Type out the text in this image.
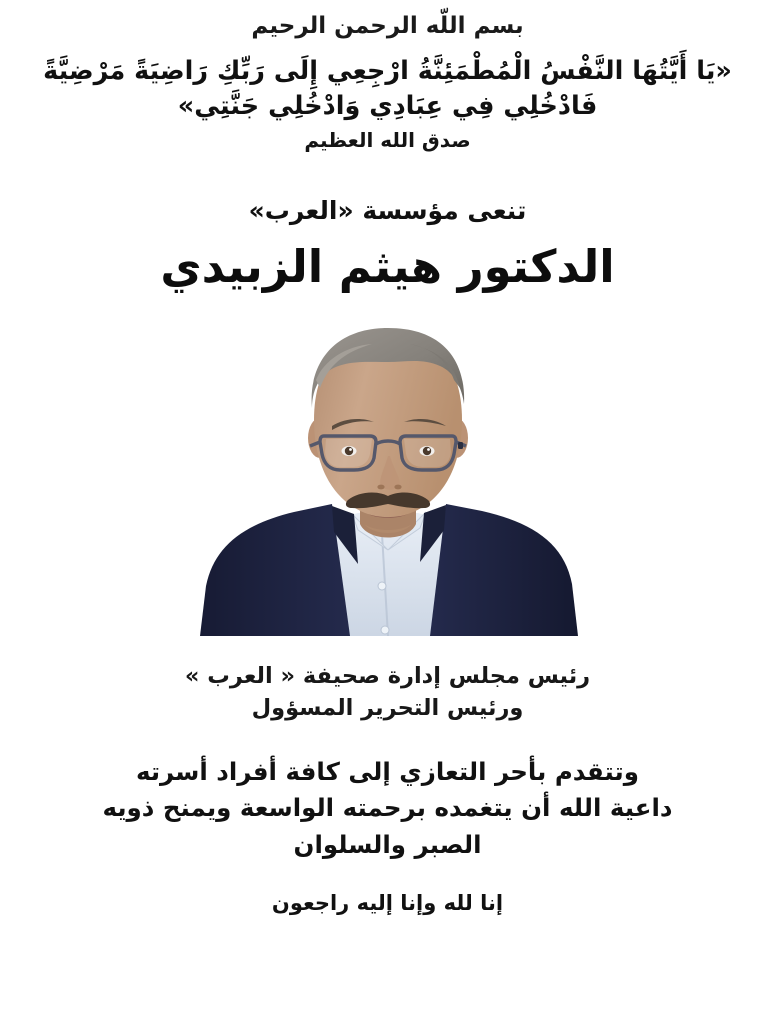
بسم اللّه الرحمن الرحيم
«يَا أَيَّتُهَا النَّفْسُ الْمُطْمَئِنَّةُ ارْجِعِي إِلَى رَبِّكِ رَاضِيَةً مَرْضِيَّةً
فَادْخُلِي فِي عِبَادِي وَادْخُلِي جَنَّتِي»
صدق الله العظيم
تنعى مؤسسة «العرب»
الدكتور هيثم الزبيدي
رئيس مجلس إدارة صحيفة « العرب »
ورئيس التحرير المسؤول
وتتقدم بأحر التعازي إلى كافة أفراد أسرته
داعية الله أن يتغمده برحمته الواسعة ويمنح ذويه
الصبر والسلوان
إنا لله وإنا إليه راجعون
